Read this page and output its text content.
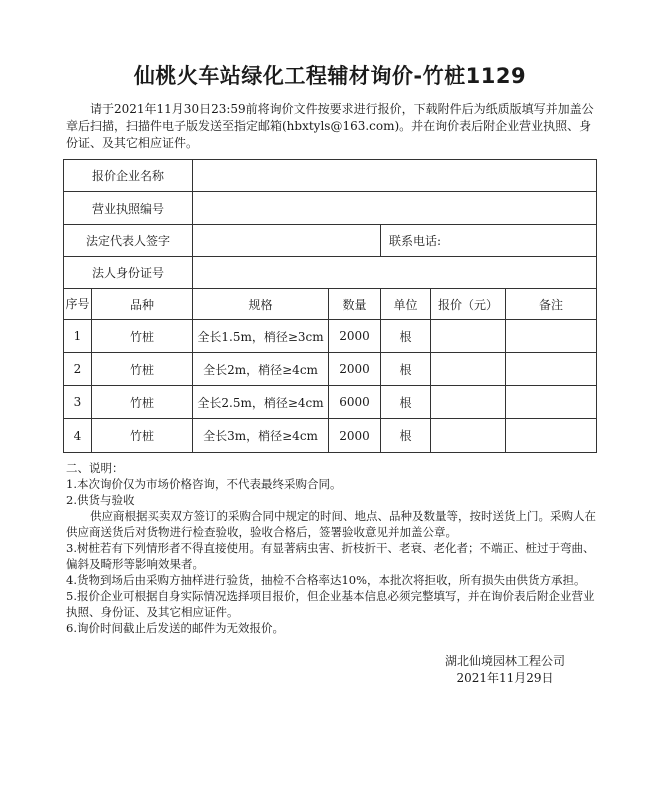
仙桃火车站绿化工程辅材询价-竹桩1129
请于2021年11月30日23:59前将询价文件按要求进行报价，下载附件后为纸质版填写并加盖公章后扫描，扫描件电子版发送至指定邮箱(hbxtyls@163.com)。并在询价表后附企业营业执照、身份证、及其它相应证件。
报价企业名称						
营业执照编号						
法定代表人签字				联系电话:		
法人身份证号						
序号	品种	规格	数量	单位	报价（元）	备注
1	竹桩	全长1.5m，梢径≥3cm	2000	根		
2	竹桩	全长2m，梢径≥4cm	2000	根		
3	竹桩	全长2.5m，梢径≥4cm	6000	根		
4	竹桩	全长3m，梢径≥4cm	2000	根		

二、说明：

1.本次询价仅为市场价格咨询，不代表最终采购合同。

2.供货与验收

供应商根据买卖双方签订的采购合同中规定的时间、地点、品种及数量等，按时送货上门。采购人在供应商送货后对货物进行检查验收，验收合格后，签署验收意见并加盖公章。

3.树桩若有下列情形者不得直接使用。有显著病虫害、折枝折干、老衰、老化者；不端正、桩过于弯曲、偏斜及畸形等影响效果者。

4.货物到场后由采购方抽样进行验货，抽检不合格率达10%，本批次将拒收，所有损失由供货方承担。

5.报价企业可根据自身实际情况选择项目报价，但企业基本信息必须完整填写，并在询价表后附企业营业执照、身份证、及其它相应证件。

6.询价时间截止后发送的邮件为无效报价。

湖北仙境园林工程公司
2021年11月29日
